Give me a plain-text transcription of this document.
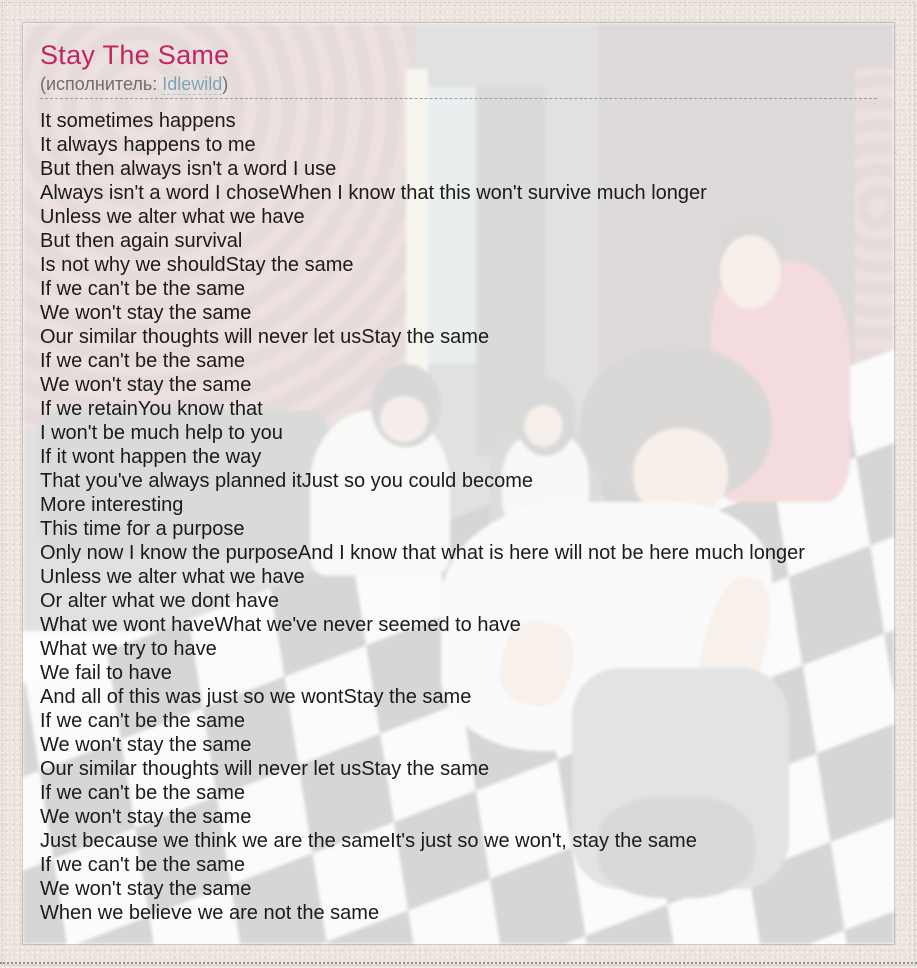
Stay The Same
(исполнитель: Idlewild)
It sometimes happens
It always happens to me
But then always isn't a word I use
Always isn't a word I choseWhen I know that this won't survive much longer
Unless we alter what we have
But then again survival
Is not why we shouldStay the same
If we can't be the same
We won't stay the same
Our similar thoughts will never let usStay the same
If we can't be the same
We won't stay the same
If we retainYou know that
I won't be much help to you
If it wont happen the way
That you've always planned itJust so you could become
More interesting
This time for a purpose
Only now I know the purposeAnd I know that what is here will not be here much longer
Unless we alter what we have
Or alter what we dont have
What we wont haveWhat we've never seemed to have
What we try to have
We fail to have
And all of this was just so we wontStay the same
If we can't be the same
We won't stay the same
Our similar thoughts will never let usStay the same
If we can't be the same
We won't stay the same
Just because we think we are the sameIt's just so we won't, stay the same
If we can't be the same
We won't stay the same
When we believe we are not the same
